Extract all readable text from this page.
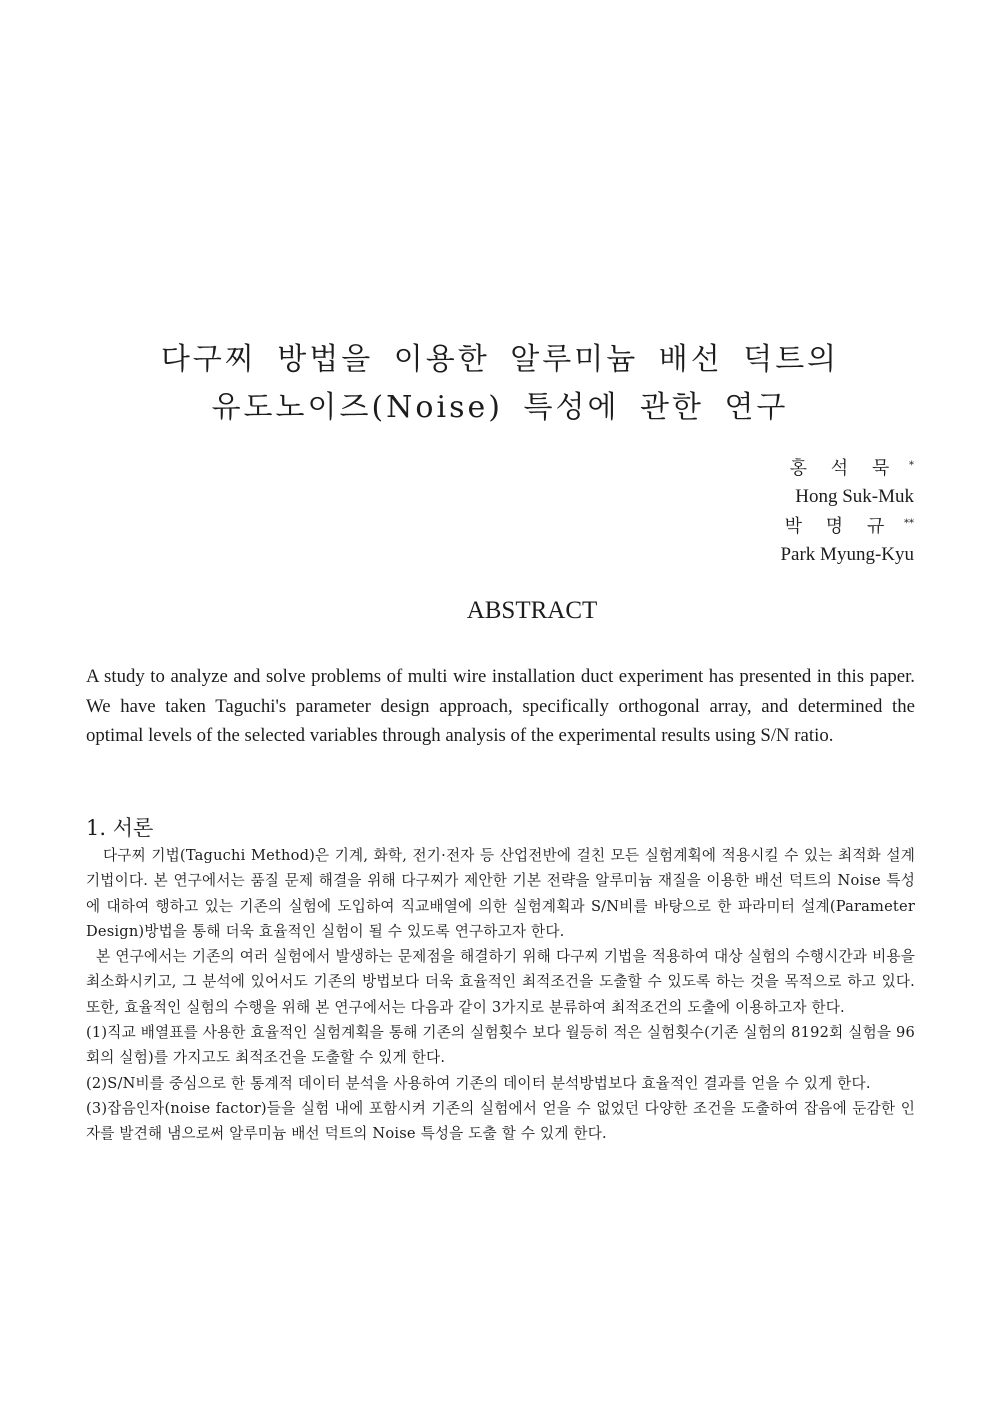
다구찌 방법을 이용한 알루미늄 배선 덕트의
유도노이즈(Noise) 특성에 관한 연구
홍 석 묵 *
Hong Suk-Muk
박 명 규 **
Park Myung-Kyu
ABSTRACT

A study to analyze and solve problems of multi wire installation duct experiment has presented in this paper. We have taken Taguchi's parameter design approach, specifically orthogonal array, and determined the optimal levels of the selected variables through analysis of the experimental results using S/N ratio.

1. 서론

다구찌 기법(Taguchi Method)은 기계, 화학, 전기·전자 등 산업전반에 걸친 모든 실험계획에 적용시킬 수 있는 최적화 설계 기법이다. 본 연구에서는 품질 문제 해결을 위해 다구찌가 제안한 기본 전략을 알루미늄 재질을 이용한 배선 덕트의 Noise 특성에 대하여 행하고 있는 기존의 실험에 도입하여 직교배열에 의한 실험계획과 S/N비를 바탕으로 한 파라미터 설계(Parameter Design)방법을 통해 더욱 효율적인 실험이 될 수 있도록 연구하고자 한다.

본 연구에서는 기존의 여러 실험에서 발생하는 문제점을 해결하기 위해 다구찌 기법을 적용하여 대상 실험의 수행시간과 비용을 최소화시키고, 그 분석에 있어서도 기존의 방법보다 더욱 효율적인 최적조건을 도출할 수 있도록 하는 것을 목적으로 하고 있다. 또한, 효율적인 실험의 수행을 위해 본 연구에서는 다음과 같이 3가지로 분류하여 최적조건의 도출에 이용하고자 한다.

(1)직교 배열표를 사용한 효율적인 실험계획을 통해 기존의 실험횟수 보다 월등히 적은 실험횟수(기존 실험의 8192회 실험을 96회의 실험)를 가지고도 최적조건을 도출할 수 있게 한다.

(2)S/N비를 중심으로 한 통계적 데이터 분석을 사용하여 기존의 데이터 분석방법보다 효율적인 결과를 얻을 수 있게 한다.

(3)잡음인자(noise factor)들을 실험 내에 포함시켜 기존의 실험에서 얻을 수 없었던 다양한 조건을 도출하여 잡음에 둔감한 인자를 발견해 냄으로써 알루미늄 배선 덕트의 Noise 특성을 도출 할 수 있게 한다.
